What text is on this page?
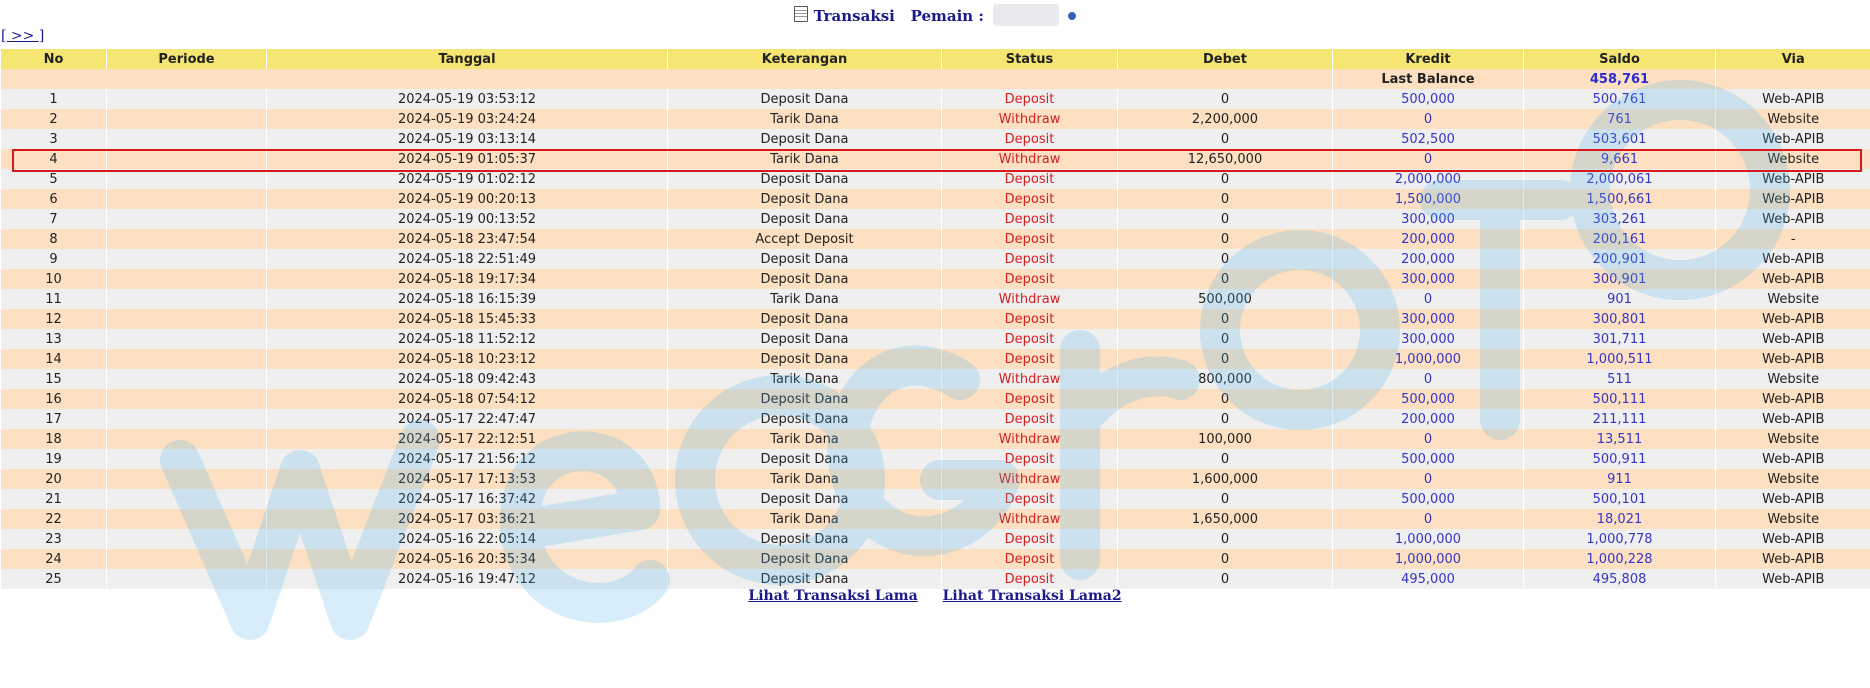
Transaksi Pemain :
[ >> ]
No	Periode	Tanggal	Keterangan	Status	Debet	Kredit	Saldo	Via
						Last Balance	458,761	
1		2024-05-19 03:53:12	Deposit Dana	Deposit	0	500,000	500,761	Web-APIB
2		2024-05-19 03:24:24	Tarik Dana	Withdraw	2,200,000	0	761	Website
3		2024-05-19 03:13:14	Deposit Dana	Deposit	0	502,500	503,601	Web-APIB
4		2024-05-19 01:05:37	Tarik Dana	Withdraw	12,650,000	0	9,661	Website
5		2024-05-19 01:02:12	Deposit Dana	Deposit	0	2,000,000	2,000,061	Web-APIB
6		2024-05-19 00:20:13	Deposit Dana	Deposit	0	1,500,000	1,500,661	Web-APIB
7		2024-05-19 00:13:52	Deposit Dana	Deposit	0	300,000	303,261	Web-APIB
8		2024-05-18 23:47:54	Accept Deposit	Deposit	0	200,000	200,161	-
9		2024-05-18 22:51:49	Deposit Dana	Deposit	0	200,000	200,901	Web-APIB
10		2024-05-18 19:17:34	Deposit Dana	Deposit	0	300,000	300,901	Web-APIB
11		2024-05-18 16:15:39	Tarik Dana	Withdraw	500,000	0	901	Website
12		2024-05-18 15:45:33	Deposit Dana	Deposit	0	300,000	300,801	Web-APIB
13		2024-05-18 11:52:12	Deposit Dana	Deposit	0	300,000	301,711	Web-APIB
14		2024-05-18 10:23:12	Deposit Dana	Deposit	0	1,000,000	1,000,511	Web-APIB
15		2024-05-18 09:42:43	Tarik Dana	Withdraw	800,000	0	511	Website
16		2024-05-18 07:54:12	Deposit Dana	Deposit	0	500,000	500,111	Web-APIB
17		2024-05-17 22:47:47	Deposit Dana	Deposit	0	200,000	211,111	Web-APIB
18		2024-05-17 22:12:51	Tarik Dana	Withdraw	100,000	0	13,511	Website
19		2024-05-17 21:56:12	Deposit Dana	Deposit	0	500,000	500,911	Web-APIB
20		2024-05-17 17:13:53	Tarik Dana	Withdraw	1,600,000	0	911	Website
21		2024-05-17 16:37:42	Deposit Dana	Deposit	0	500,000	500,101	Web-APIB
22		2024-05-17 03:36:21	Tarik Dana	Withdraw	1,650,000	0	18,021	Website
23		2024-05-16 22:05:14	Deposit Dana	Deposit	0	1,000,000	1,000,778	Web-APIB
24		2024-05-16 20:35:34	Deposit Dana	Deposit	0	1,000,000	1,000,228	Web-APIB
25		2024-05-16 19:47:12	Deposit Dana	Deposit	0	495,000	495,808	Web-APIB
Lihat Transaksi Lama Lihat Transaksi Lama2
